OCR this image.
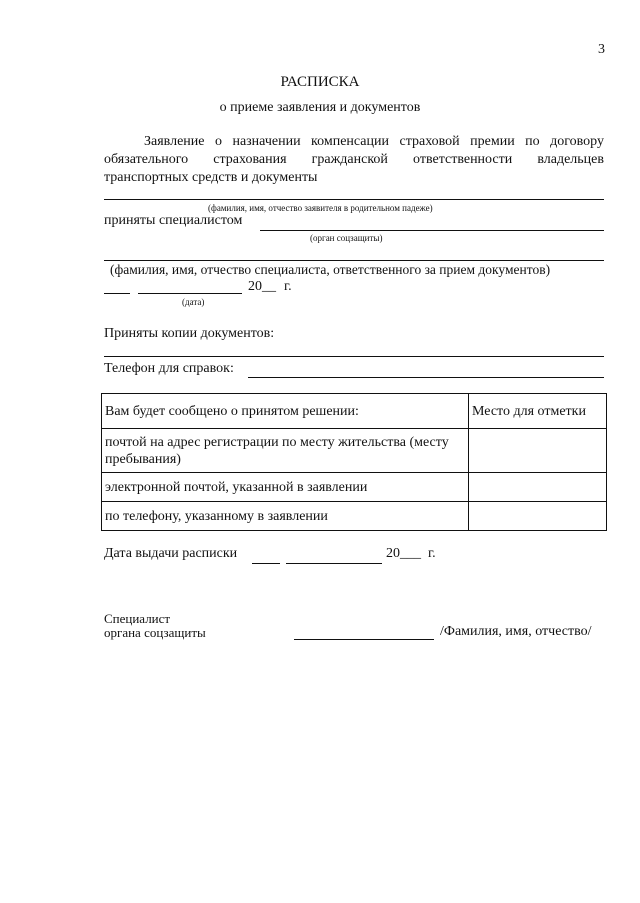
3
РАСПИСКА
о приеме заявления и документов
Заявление о назначении компенсации страховой премии по договору обязательного страхования гражданской ответственности владельцев транспортных средств и документы
(фамилия, имя, отчество заявителя в родительном падеже)
приняты специалистом
(орган соцзащиты)
(фамилия, имя, отчество специалиста, ответственного за прием документов)
20__ г.
(дата)
Приняты копии документов:
Телефон для справок:
Вам будет сообщено о принятом решении:	Место для отметки
почтой на адрес регистрации по месту жительства (месту пребывания)	
электронной почтой, указанной в заявлении	
по телефону, указанному в заявлении	
Дата выдачи расписки	20___ г.
Специалист
органа соцзащиты	/Фамилия, имя, отчество/
